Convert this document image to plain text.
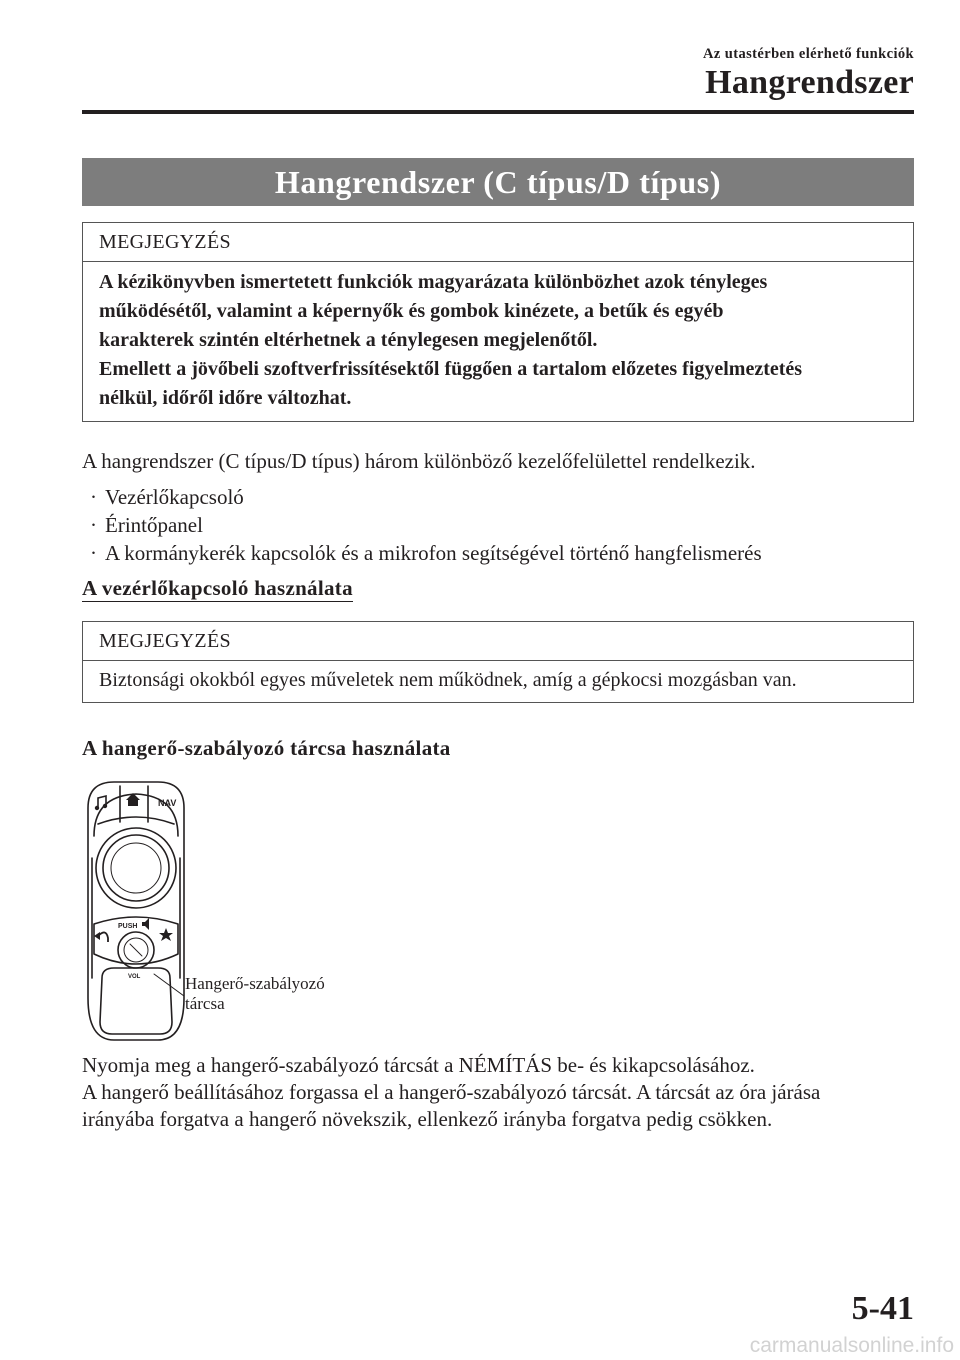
Az utastérben elérhető funkciók
Hangrendszer
Hangrendszer (C típus/D típus)
MEGJEGYZÉS

A kézikönyvben ismertetett funkciók magyarázata különbözhet azok tényleges

működésétől, valamint a képernyők és gombok kinézete, a betűk és egyéb

karakterek szintén eltérhetnek a ténylegesen megjelenőtől.

Emellett a jövőbeli szoftverfrissítésektől függően a tartalom előzetes figyelmeztetés

nélkül, időről időre változhat.

A hangrendszer (C típus/D típus) három különböző kezelőfelülettel rendelkezik.

· Vezérlőkapcsoló
· Érintőpanel
· A kormánykerék kapcsolók és a mikrofon segítségével történő hangfelismerés
A vezérlőkapcsoló használata
MEGJEGYZÉS

Biztonsági okokból egyes műveletek nem működnek, amíg a gépkocsi mozgásban van.

A hangerő-szabályozó tárcsa használata
NAV
PUSH
VOL	Hangerő-szabályozó
tárcsa

Nyomja meg a hangerő-szabályozó tárcsát a NÉMÍTÁS be- és kikapcsolásához.

A hangerő beállításához forgassa el a hangerő-szabályozó tárcsát. A tárcsát az óra járása

irányába forgatva a hangerő növekszik, ellenkező irányba forgatva pedig csökken.

5-41
carmanualsonline.info
